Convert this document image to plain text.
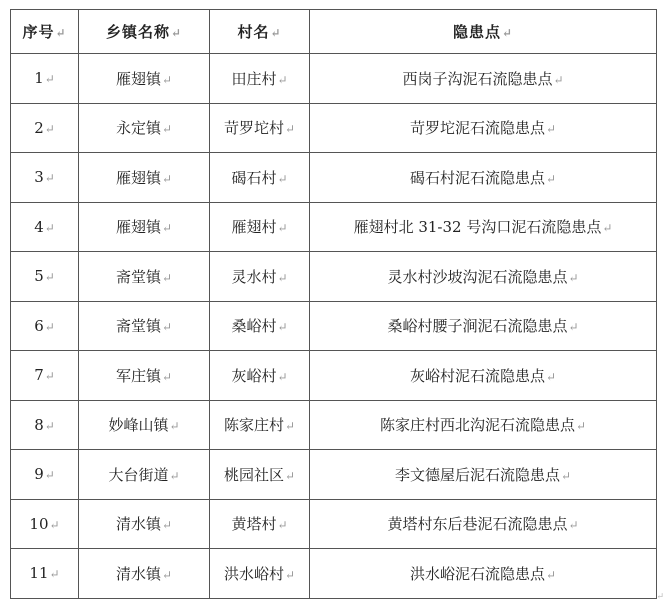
序号↵	乡镇名称↵	村名↵	隐患点↵
1↵	雁翅镇↵	田庄村↵	西岗子沟泥石流隐患点↵
2↵	永定镇↵	苛罗坨村↵	苛罗坨泥石流隐患点↵
3↵	雁翅镇↵	碣石村↵	碣石村泥石流隐患点↵
4↵	雁翅镇↵	雁翅村↵	雁翅村北 31-32 号沟口泥石流隐患点↵
5↵	斋堂镇↵	灵水村↵	灵水村沙坡沟泥石流隐患点↵
6↵	斋堂镇↵	桑峪村↵	桑峪村腰子涧泥石流隐患点↵
7↵	军庄镇↵	灰峪村↵	灰峪村泥石流隐患点↵
8↵	妙峰山镇↵	陈家庄村↵	陈家庄村西北沟泥石流隐患点↵
9↵	大台街道↵	桃园社区↵	李文德屋后泥石流隐患点↵
10↵	清水镇↵	黄塔村↵	黄塔村东后巷泥石流隐患点↵
11↵	清水镇↵	洪水峪村↵	洪水峪泥石流隐患点↵
↵
